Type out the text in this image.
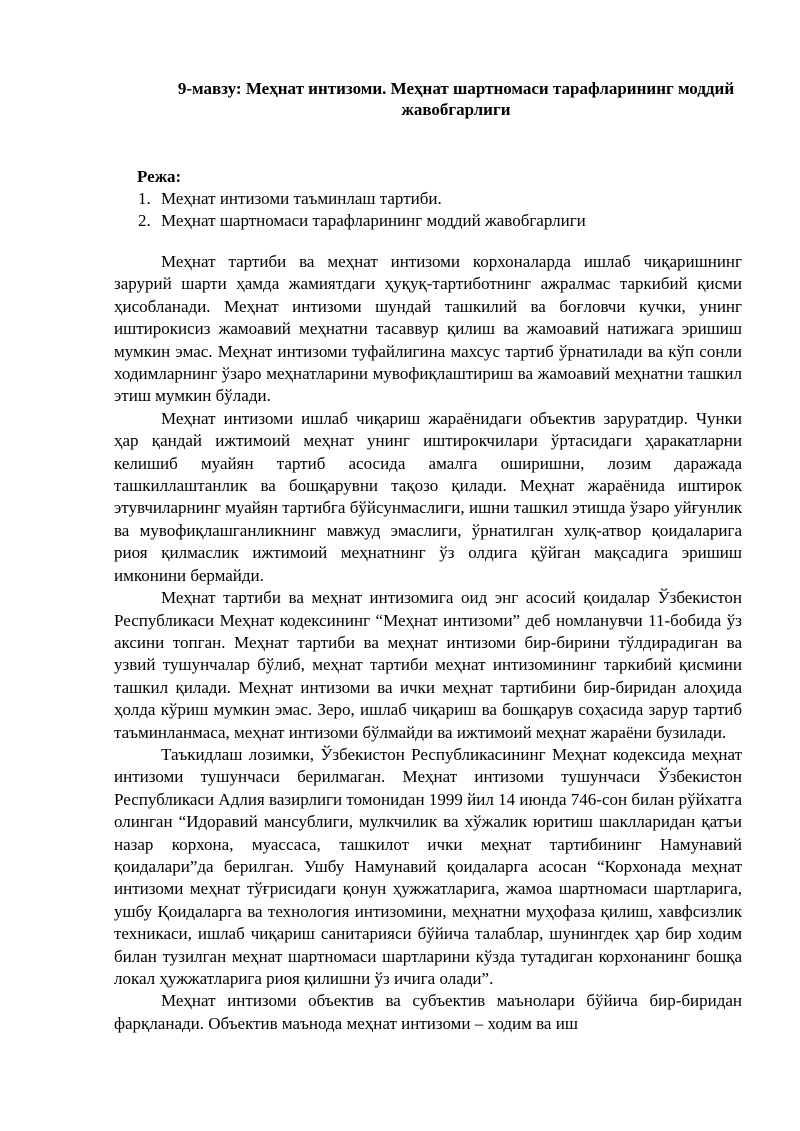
9-мавзу: Меҳнат интизоми. Меҳнат шартномаси тарафларининг моддий жавобгарлиги
Режа:
1. Меҳнат интизоми таъминлаш тартиби.
2. Меҳнат шартномаси тарафларининг моддий жавобгарлиги

Меҳнат тартиби ва меҳнат интизоми корхоналарда ишлаб чиқаришнинг зарурий шарти ҳамда жамиятдаги ҳуқуқ-тартиботнинг ажралмас таркибий қисми ҳисобланади. Меҳнат интизоми шундай ташкилий ва боғловчи кучки, унинг иштирокисиз жамоавий меҳнатни тасаввур қилиш ва жамоавий натижага эришиш мумкин эмас. Меҳнат интизоми туфайлигина махсус тартиб ўрнатилади ва кўп сонли ходимларнинг ўзаро меҳнатларини мувофиқлаштириш ва жамоавий меҳнатни ташкил этиш мумкин бўлади.

Меҳнат интизоми ишлаб чиқариш жараёнидаги объектив заруратдир. Чунки ҳар қандай ижтимоий меҳнат унинг иштирокчилари ўртасидаги ҳаракатларни келишиб муайян тартиб асосида амалга оширишни, лозим даражада ташкиллаштанлик ва бошқарувни тақозо қилади. Меҳнат жараёнида иштирок этувчиларнинг муайян тартибга бўйсунмаслиги, ишни ташкил этишда ўзаро уйғунлик ва мувофиқлашганликнинг мавжуд эмаслиги, ўрнатилган хулқ-атвор қоидаларига риоя қилмаслик ижтимоий меҳнатнинг ўз олдига қўйган мақсадига эришиш имконини бермайди.

Меҳнат тартиби ва меҳнат интизомига оид энг асосий қоидалар Ўзбекистон Республикаси Меҳнат кодексининг “Меҳнат интизоми” деб номланувчи 11-бобида ўз аксини топган. Меҳнат тартиби ва меҳнат интизоми бир-бирини тўлдирадиган ва узвий тушунчалар бўлиб, меҳнат тартиби меҳнат интизомининг таркибий қисмини ташкил қилади. Меҳнат интизоми ва ички меҳнат тартибини бир-биридан алоҳида ҳолда кўриш мумкин эмас. Зеро, ишлаб чиқариш ва бошқарув соҳасида зарур тартиб таъминланмаса, меҳнат интизоми бўлмайди ва ижтимоий меҳнат жараёни бузилади.

Таъкидлаш лозимки, Ўзбекистон Республикасининг Меҳнат кодексида меҳнат интизоми тушунчаси берилмаган. Меҳнат интизоми тушунчаси Ўзбекистон Республикаси Адлия вазирлиги томонидан 1999 йил 14 июнда 746-сон билан рўйхатга олинган “Идоравий мансублиги, мулкчилик ва хўжалик юритиш шаклларидан қатъи назар корхона, муассаса, ташкилот ички меҳнат тартибининг Намунавий қоидалари”да берилган. Ушбу Намунавий қоидаларга асосан “Корхонада меҳнат интизоми меҳнат тўғрисидаги қонун ҳужжатларига, жамоа шартномаси шартларига, ушбу Қоидаларга ва технология интизомини, меҳнатни муҳофаза қилиш, хавфсизлик техникаси, ишлаб чиқариш санитарияси бўйича талаблар, шунингдек ҳар бир ходим билан тузилган меҳнат шартномаси шартларини кўзда тутадиган корхонанинг бошқа локал ҳужжатларига риоя қилишни ўз ичига олади”.

Меҳнат интизоми объектив ва субъектив маънолари бўйича бир-биридан фарқланади. Объектив маънода меҳнат интизоми – ходим ва иш
